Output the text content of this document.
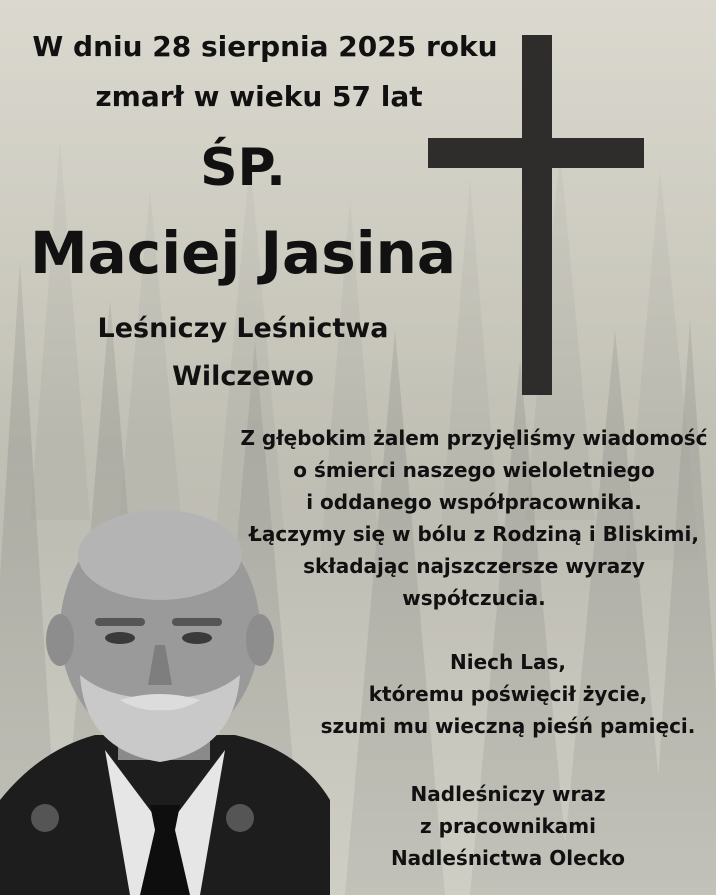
W dniu 28 sierpnia 2025 roku
zmarł w wieku 57 lat
ŚP.
Maciej Jasina
Leśniczy Leśnictwa
Wilczewo
Z głębokim żalem przyjęliśmy wiadomość
o śmierci naszego wieloletniego
i oddanego współpracownika.
Łączymy się w bólu z Rodziną i Bliskimi,
składając najszczersze wyrazy
współczucia.
Niech Las,
któremu poświęcił życie,
szumi mu wieczną pieśń pamięci.
Nadleśniczy wraz
z pracownikami
Nadleśnictwa Olecko
